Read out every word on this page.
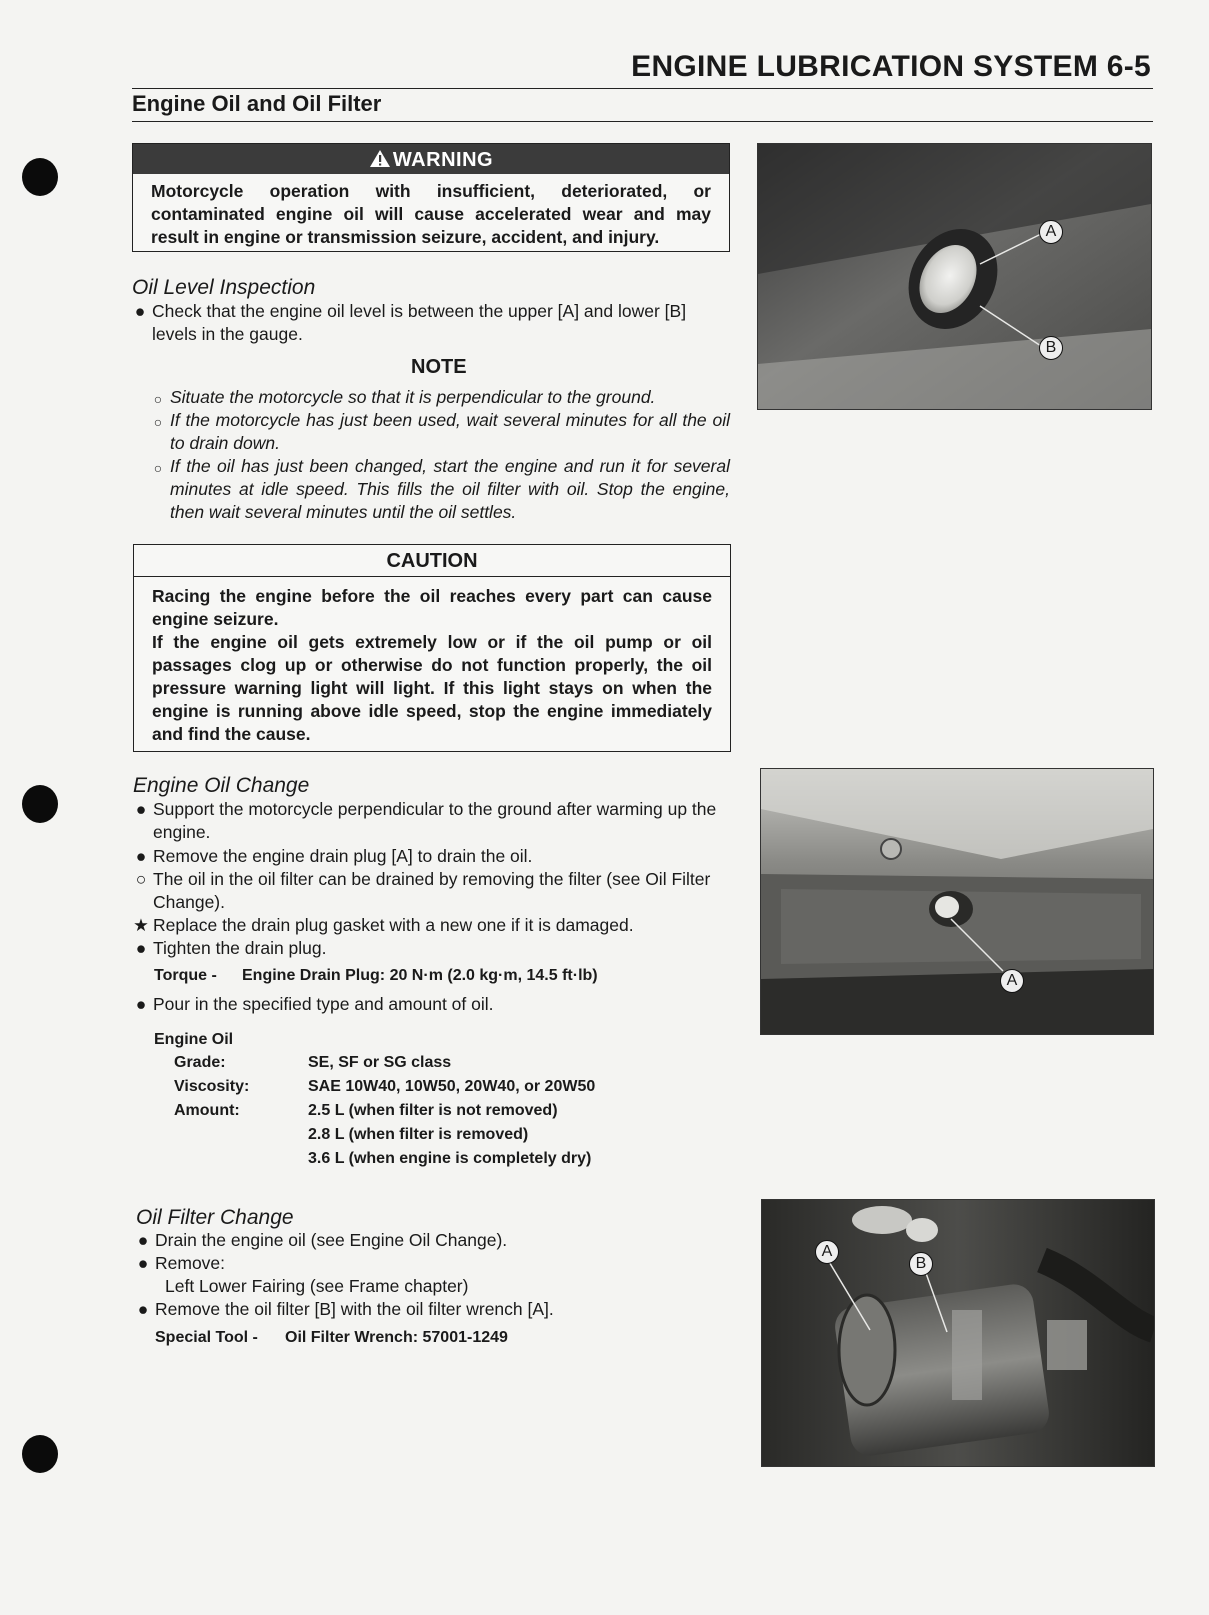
ENGINE LUBRICATION SYSTEM 6-5
Engine Oil and Oil Filter
WARNING
Motorcycle operation with insufficient, deteriorated, or contaminated engine oil will cause accelerated wear and may result in engine or transmission seizure, accident, and injury.
Oil Level Inspection
● Check that the engine oil level is between the upper [A] and lower [B] levels in the gauge.
NOTE
○ Situate the motorcycle so that it is perpendicular to the ground.
○ If the motorcycle has just been used, wait several minutes for all the oil to drain down.
○ If the oil has just been changed, start the engine and run it for several minutes at idle speed. This fills the oil filter with oil. Stop the engine, then wait several minutes until the oil settles.
CAUTION
Racing the engine before the oil reaches every part can cause engine seizure.
If the engine oil gets extremely low or if the oil pump or oil passages clog up or otherwise do not function properly, the oil pressure warning light will light. If this light stays on when the engine is running above idle speed, stop the engine immediately and find the cause.
Engine Oil Change
● Support the motorcycle perpendicular to the ground after warming up the engine.
● Remove the engine drain plug [A] to drain the oil.
○ The oil in the oil filter can be drained by removing the filter (see Oil Filter Change).
★ Replace the drain plug gasket with a new one if it is damaged.
● Tighten the drain plug.
Torque - Engine Drain Plug: 20 N·m (2.0 kg·m, 14.5 ft·lb)
● Pour in the specified type and amount of oil.
Engine Oil
Grade:	SE, SF or SG class
Viscosity:	SAE 10W40, 10W50, 20W40, or 20W50
Amount:	2.5 L (when filter is not removed)
2.8 L (when filter is removed)
3.6 L (when engine is completely dry)
Oil Filter Change
● Drain the engine oil (see Engine Oil Change).
● Remove:
Left Lower Fairing (see Frame chapter)
● Remove the oil filter [B] with the oil filter wrench [A].
Special Tool - Oil Filter Wrench: 57001-1249
A
B
A
A
B
